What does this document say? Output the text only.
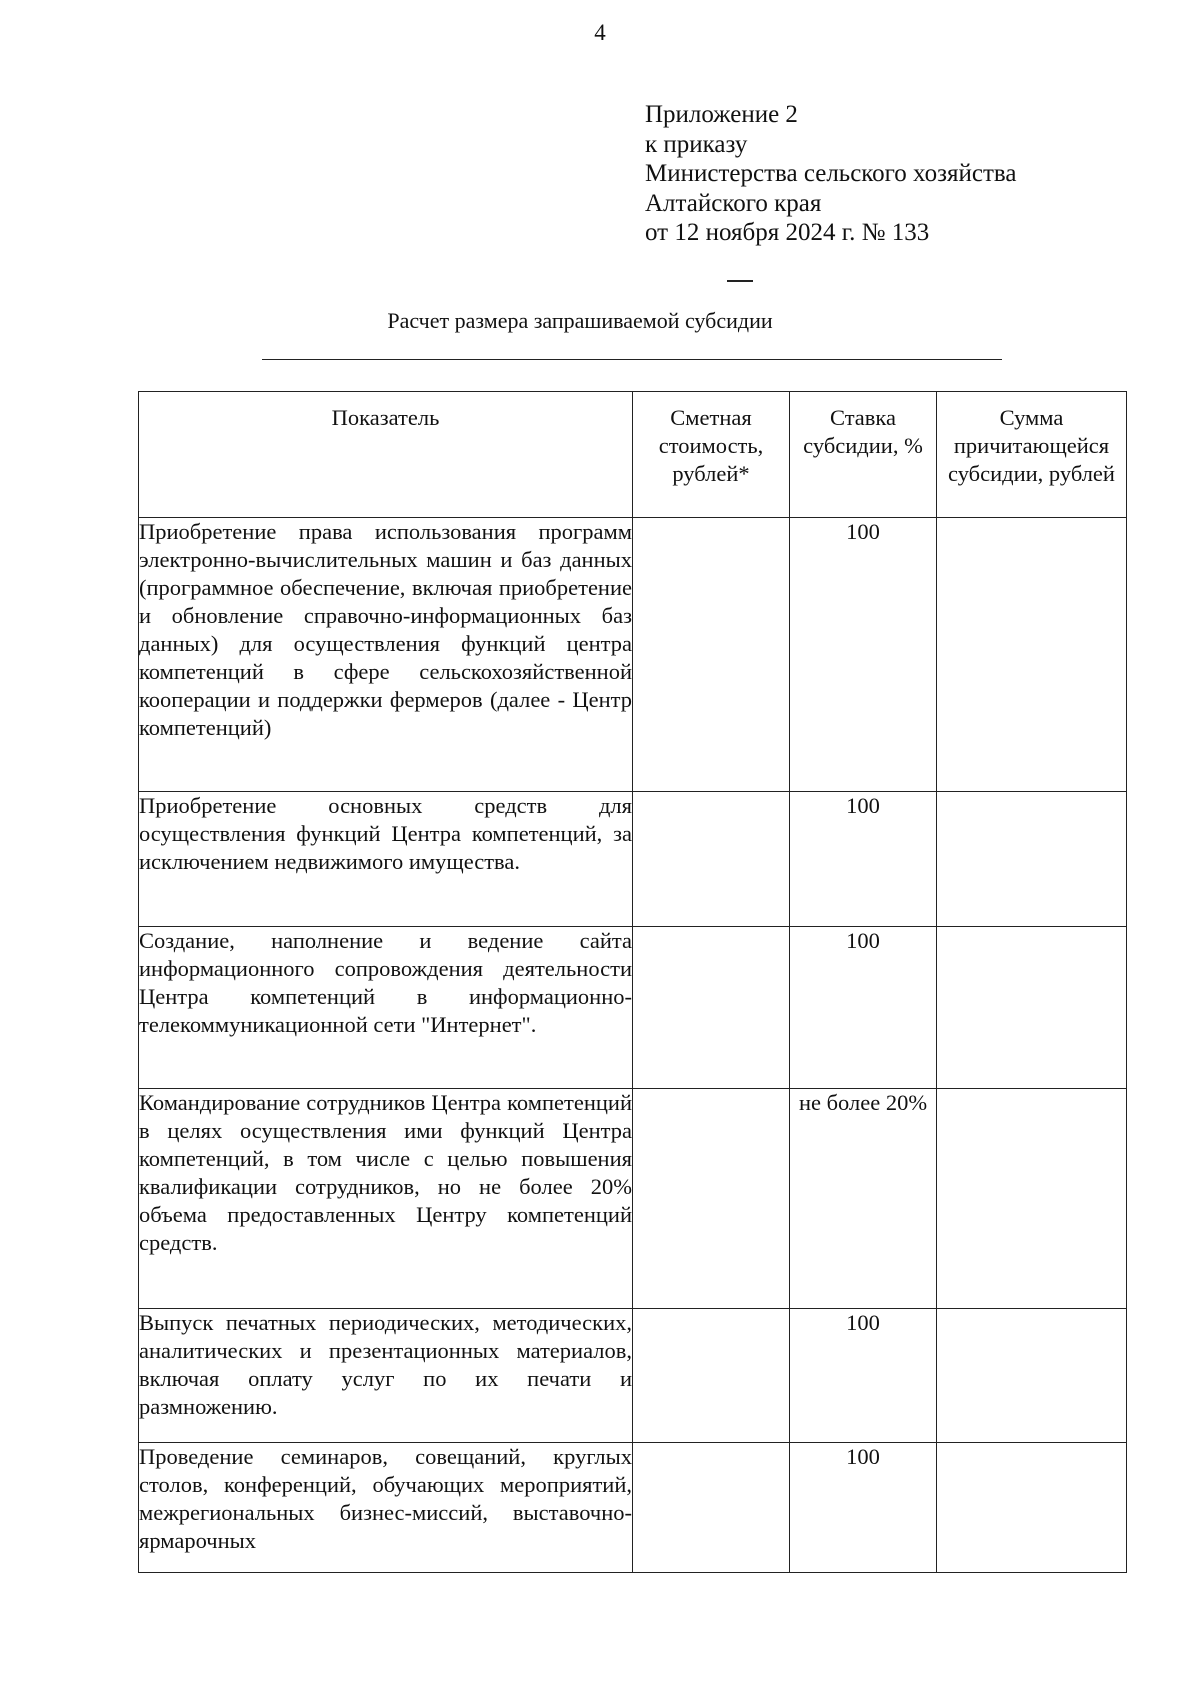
4
Приложение 2
к приказу
Министерства сельского хозяйства
Алтайского края
от 12 ноября 2024 г. № 133
Расчет размера запрашиваемой субсидии
Показатель	Сметная стоимость, рублей*	Ставка субсидии, %	Сумма причитающейся субсидии, рублей
Приобретение права использования программ электронно-вычислительных машин и баз данных (программное обеспечение, включая приобретение и обновление справочно-информационных баз данных) для осуществления функций центра компетенций в сфере сельскохозяйственной кооперации и поддержки фермеров (далее - Центр компетенций)		100	
Приобретение основных средств для осуществления функций Центра компетенций, за исключением недвижимого имущества.		100	
Создание, наполнение и ведение сайта информационного сопровождения деятельности Центра компетенций в информационно-телекоммуникационной сети "Интернет".		100	
Командирование сотрудников Центра компетенций в целях осуществления ими функций Центра компетенций, в том числе с целью повышения квалификации сотрудников, но не более 20% объема предоставленных Центру компетенций средств.		не более 20%	
Выпуск печатных периодических, методических, аналитических и презентационных материалов, включая оплату услуг по их печати и размножению.		100	
Проведение семинаров, совещаний, круглых столов, конференций, обучающих мероприятий, межрегиональных бизнес-миссий, выставочно-ярмарочных		100	
